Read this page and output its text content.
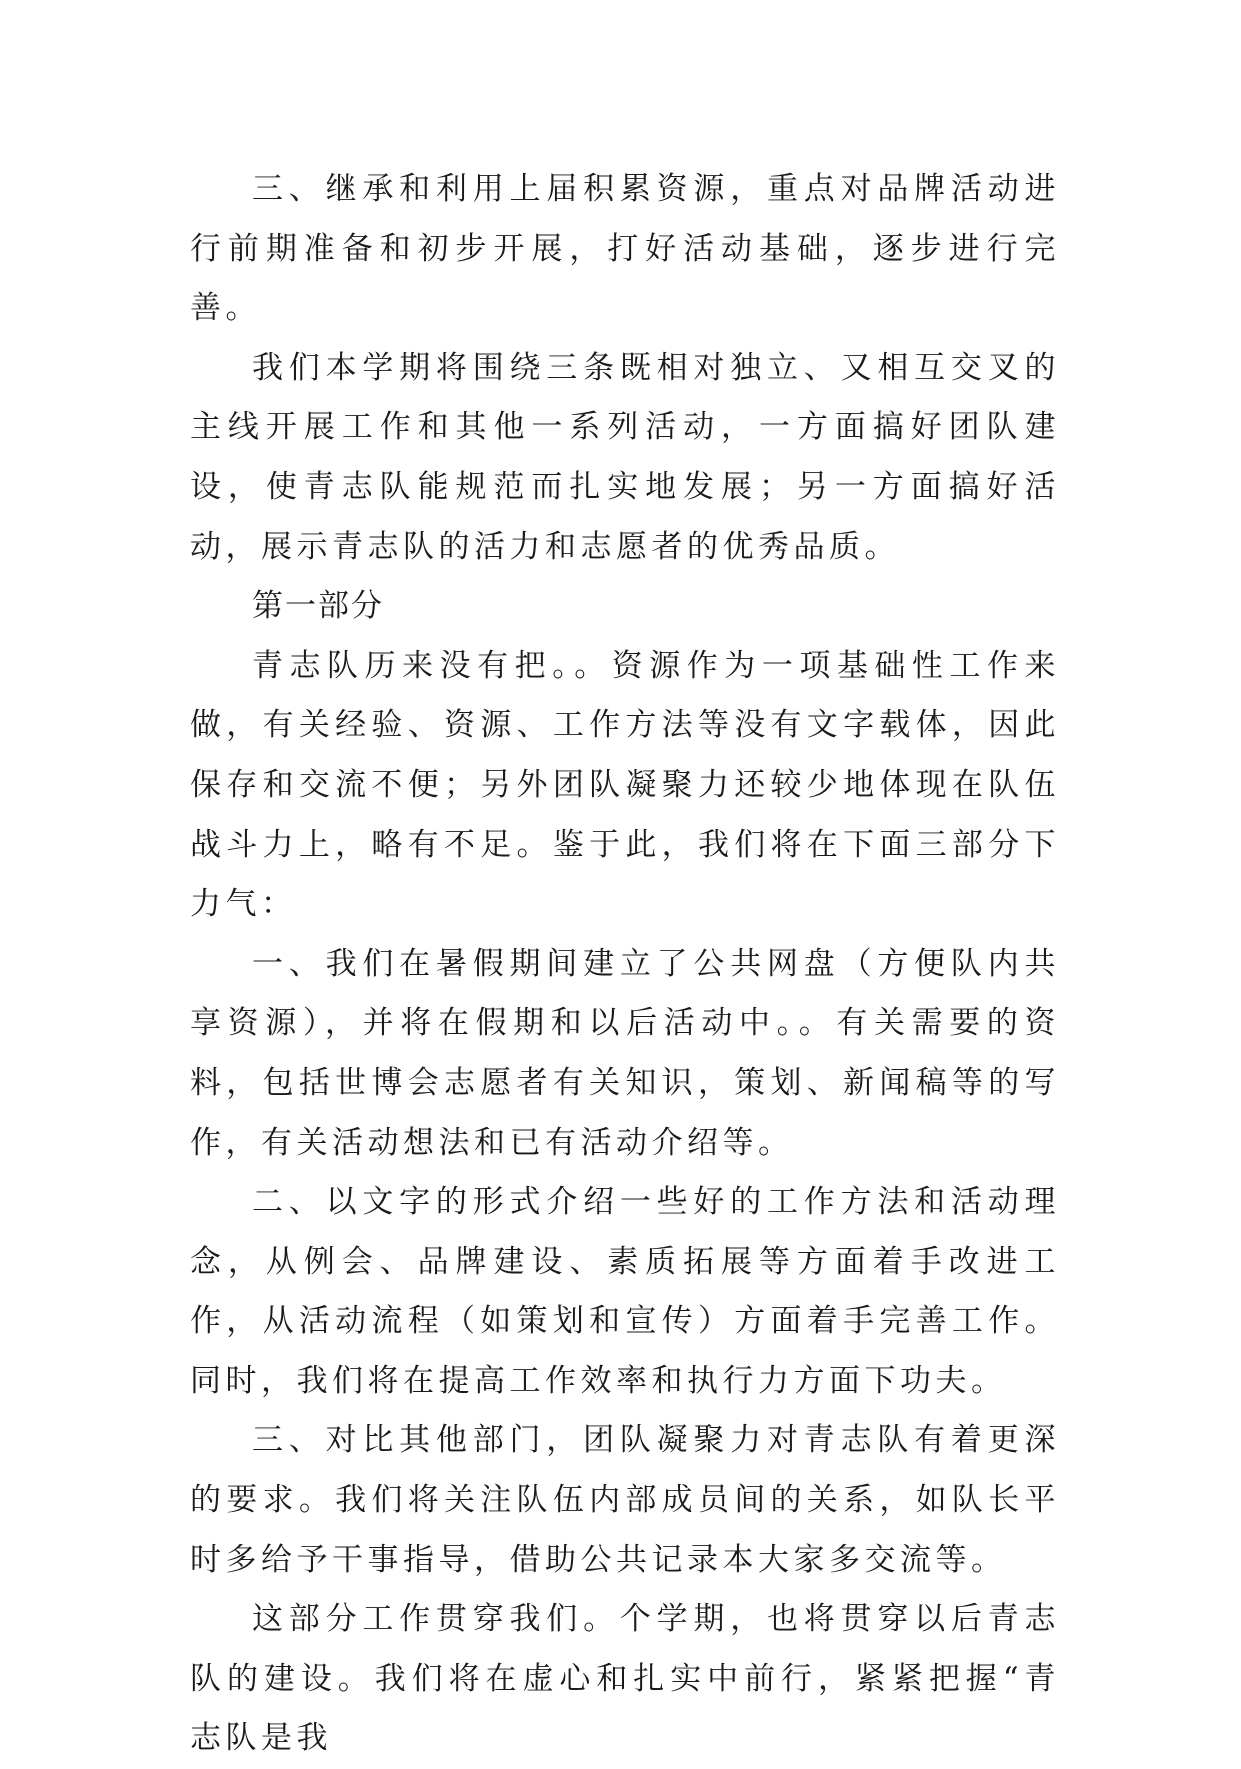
三、继承和利用上届积累资源，重点对品牌活动进行前期准备和初步开展，打好活动基础，逐步进行完善。

我们本学期将围绕三条既相对独立、又相互交叉的主线开展工作和其他一系列活动，一方面搞好团队建设，使青志队能规范而扎实地发展；另一方面搞好活动，展示青志队的活力和志愿者的优秀品质。

第一部分

青志队历来没有把。。资源作为一项基础性工作来做，有关经验、资源、工作方法等没有文字载体，因此保存和交流不便；另外团队凝聚力还较少地体现在队伍战斗力上，略有不足。鉴于此，我们将在下面三部分下力气：

一、我们在暑假期间建立了公共网盘（方便队内共享资源），并将在假期和以后活动中。。有关需要的资料，包括世博会志愿者有关知识，策划、新闻稿等的写作，有关活动想法和已有活动介绍等。

二、以文字的形式介绍一些好的工作方法和活动理念，从例会、品牌建设、素质拓展等方面着手改进工作，从活动流程（如策划和宣传）方面着手完善工作。同时，我们将在提高工作效率和执行力方面下功夫。

三、对比其他部门，团队凝聚力对青志队有着更深的要求。我们将关注队伍内部成员间的关系，如队长平时多给予干事指导，借助公共记录本大家多交流等。

这部分工作贯穿我们。个学期，也将贯穿以后青志队的建设。我们将在虚心和扎实中前行，紧紧把握“青志队是我
